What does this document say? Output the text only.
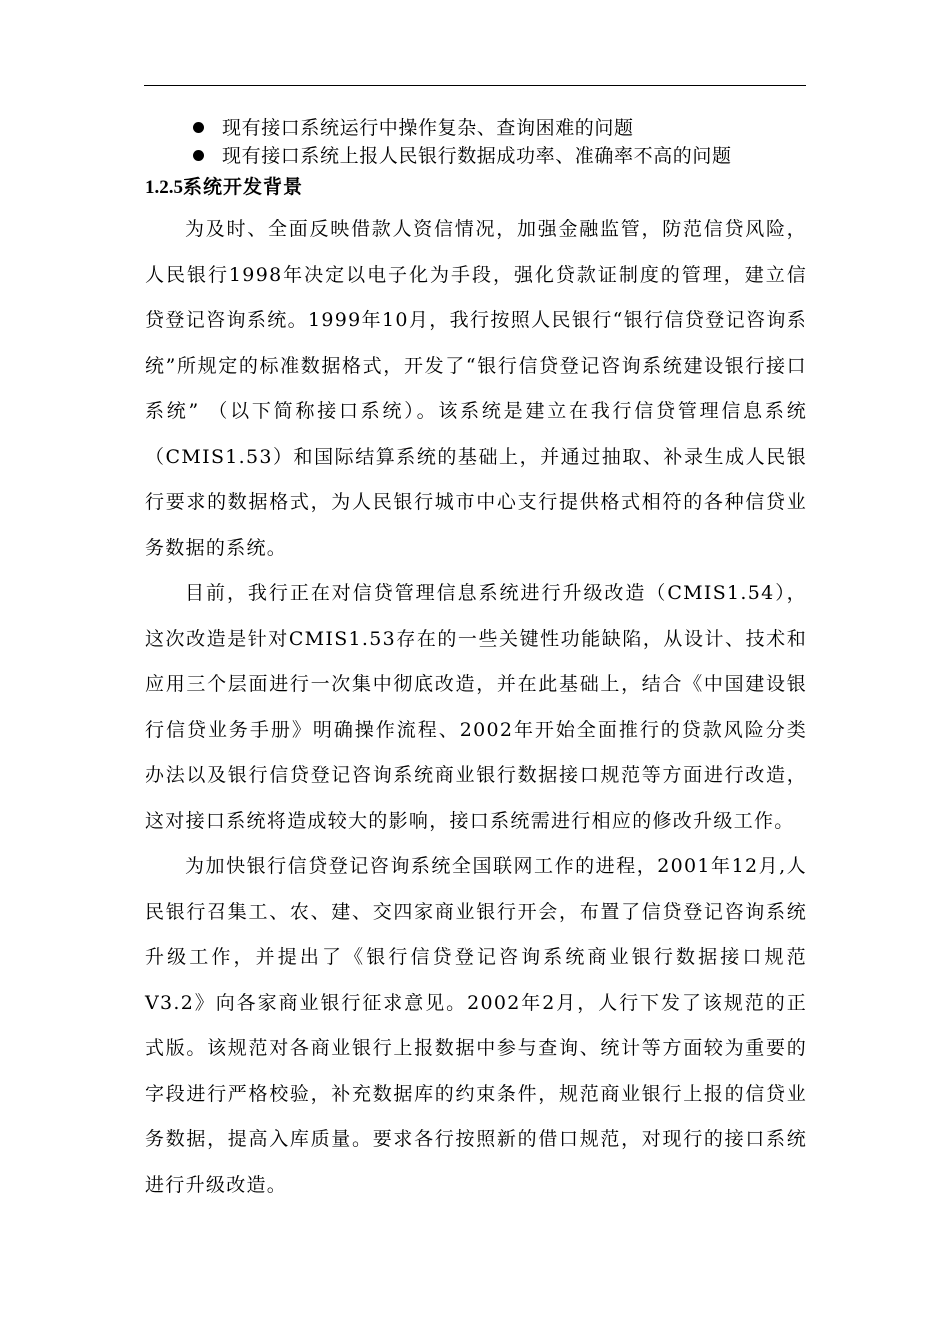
现有接口系统运行中操作复杂、查询困难的问题
现有接口系统上报人民银行数据成功率、准确率不高的问题
1.2.5系统开发背景

为及时、全面反映借款人资信情况，加强金融监管，防范信贷风险，人民银行1998年决定以电子化为手段，强化贷款证制度的管理，建立信贷登记咨询系统。1999年10月，我行按照人民银行“银行信贷登记咨询系统”所规定的标准数据格式，开发了“银行信贷登记咨询系统建设银行接口系统” （以下简称接口系统）。该系统是建立在我行信贷管理信息系统（CMIS1.53）和国际结算系统的基础上，并通过抽取、补录生成人民银行要求的数据格式，为人民银行城市中心支行提供格式相符的各种信贷业务数据的系统。

目前，我行正在对信贷管理信息系统进行升级改造（CMIS1.54），这次改造是针对CMIS1.53存在的一些关键性功能缺陷，从设计、技术和应用三个层面进行一次集中彻底改造，并在此基础上，结合《中国建设银行信贷业务手册》明确操作流程、2002年开始全面推行的贷款风险分类办法以及银行信贷登记咨询系统商业银行数据接口规范等方面进行改造，这对接口系统将造成较大的影响，接口系统需进行相应的修改升级工作。

为加快银行信贷登记咨询系统全国联网工作的进程，2001年12月,人民银行召集工、农、建、交四家商业银行开会，布置了信贷登记咨询系统升级工作，并提出了《银行信贷登记咨询系统商业银行数据接口规范V3.2》向各家商业银行征求意见。2002年2月，人行下发了该规范的正式版。该规范对各商业银行上报数据中参与查询、统计等方面较为重要的字段进行严格校验，补充数据库的约束条件，规范商业银行上报的信贷业务数据，提高入库质量。要求各行按照新的借口规范，对现行的接口系统进行升级改造。
